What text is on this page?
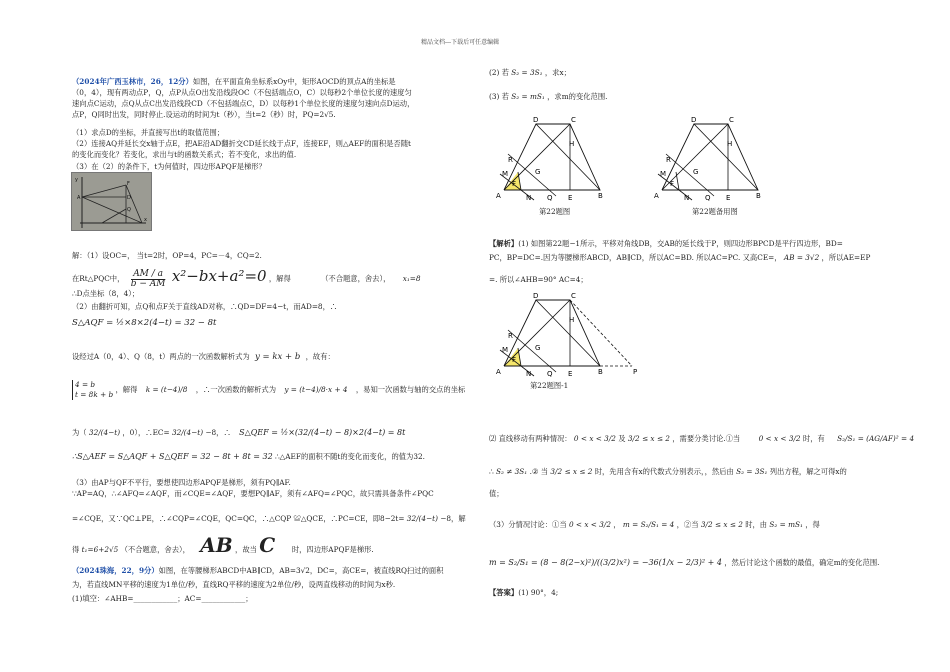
精品文档---下载后可任意编辑
（2024年广西玉林市，26，12分）如图，在平面直角坐标系xOy中，矩形AOCD的顶点A的坐标是
（0，4），现有两动点P，Q，点P从点O出发沿线段OC（不包括端点O，C）以每秒2个单位长度的速度匀
速向点C运动，点Q从点C出发沿线段CD（不包括端点C，D）以每秒1个单位长度的速度匀速向点D运动，
点P，Q同时出发，同时停止.设运动的时间为t（秒），当t=2（秒）时，PQ=2√5.
（1）求点D的坐标，并直接写出t的取值范围；
（2）连接AQ并延长交x轴于点E，把AE沿AD翻折交CD延长线于点F，连接EF，则△AEF的面积是否随t
的变化而变化？若变化，求出与t的函数关系式；若不变化，求出的值.
（3）在（2）的条件下，t为何值时，四边形APQF是梯形？
y
F
D
Q
A
x
解：（1）设OC=， 当t=2时，OP=4，PC=－4，CQ=2.
在Rt△PQC中， $\frac{AM / a}{b - AM} x^2-bx+a^2=0$ ，解得	（不合题意，舍去）， x₁=8
∴D点坐标（8，4）；
（2）由翻折可知，点Q和点F关于直线AD对称，∴QD=DF=4−t，而AD=8，∴
S△AQF = ½×8×2(4−t) = 32 − 8t
设经过A（0，4）、Q（8，t）两点的一次函数解析式为 y = kx + b ，故有：
4 = b
t = 8k + b
，解得 k = (t−4)/8 ，∴一次函数的解析式为 y = (t−4)/8·x + 4 ，易知一次函数与轴的交点的坐标
为（ 32/(4−t) ，0），∴EC= 32/(4−t) −8，∴ S△QEF = ½×(32/(4−t) − 8)×2(4−t) = 8t
∴S△AEF = S△AQF + S△QEF = 32 − 8t + 8t = 32 ∴△AEF的面积不随t的变化而变化，的值为32.
（3）由AP与QF不平行，要想使四边形APQF是梯形，须有PQ∥AF.
∵AP=AQ，∴∠AFQ=∠AQF，而∠CQE=∠AQF，要想PQ∥AF，须有∠AFQ=∠PQC，故只需具备条件∠PQC
=∠CQE，又∵QC⊥PE，∴∠CQP=∠CQE，QC=QC，∴△CQP ≌△QCE，∴PC=CE，即8−2t= 32/(4−t) −8，解
得 t₁=6+2√5 （不合题意，舍去）， AB ，故当 C 时，四边形APQF是梯形.
（2024珠海，22，9分）如图，在等腰梯形ABCD中AB∥CD，AB=3√2，DC=，高CE=，被直线RQ扫过的面积
为，若直线MN平移的速度为1单位/秒，直线RQ平移的速度为2单位/秒，设两直线移动的时间为x秒.
(1)填空：∠AHB=____________；AC=____________；
(2) 若 S₂ = 3S₁ ，求x；
(3) 若 S₂ = mS₁ ，求m的变化范围.
D	C
H
R
M	G
F
A	N Q E	B
第22题图
D	C
H
R
M	G
F
A	N Q E	B
第22题备用图
【解析】(1) 如图第22题−1所示，平移对角线DB，交AB的延长线于P，则四边形BPCD是平行四边形，BD=
PC，BP=DC=.因为等腰梯形ABCD，AB∥CD，所以AC=BD. 所以AC=PC. 又高CE=， AB = 3√2 ，所以AE=EP
=. 所以∠AHB=90° AC=4；
D	C
H
R
M	G
F
A	N Q E	B	P
第22题图-1
⑵ 直线移动有两种情况： 0 < x < 3/2 及 3/2 ≤ x ≤ 2 ，需要分类讨论.①当	0 < x < 3/2 时，有 S₂/S₁ = (AG/AF)² = 4
∴ S₂ ≠ 3S₁ .② 当 3/2 ≤ x ≤ 2 时，先用含有x的代数式分别表示，，然后由 S₂ = 3S₁ 列出方程，解之可得x的
值；
（3）分情况讨论：①当 0 < x < 3/2 ， m = S₂/S₁ = 4 ，②当 3/2 ≤ x ≤ 2 时，由 S₂ = mS₁ ，得
m = S₂/S₁ = (8 − 8(2−x)²)/((3/2)x²) = −36(1/x − 2/3)² + 4 ，然后讨论这个函数的最值，确定m的变化范围.
【答案】(1) 90°，4;
